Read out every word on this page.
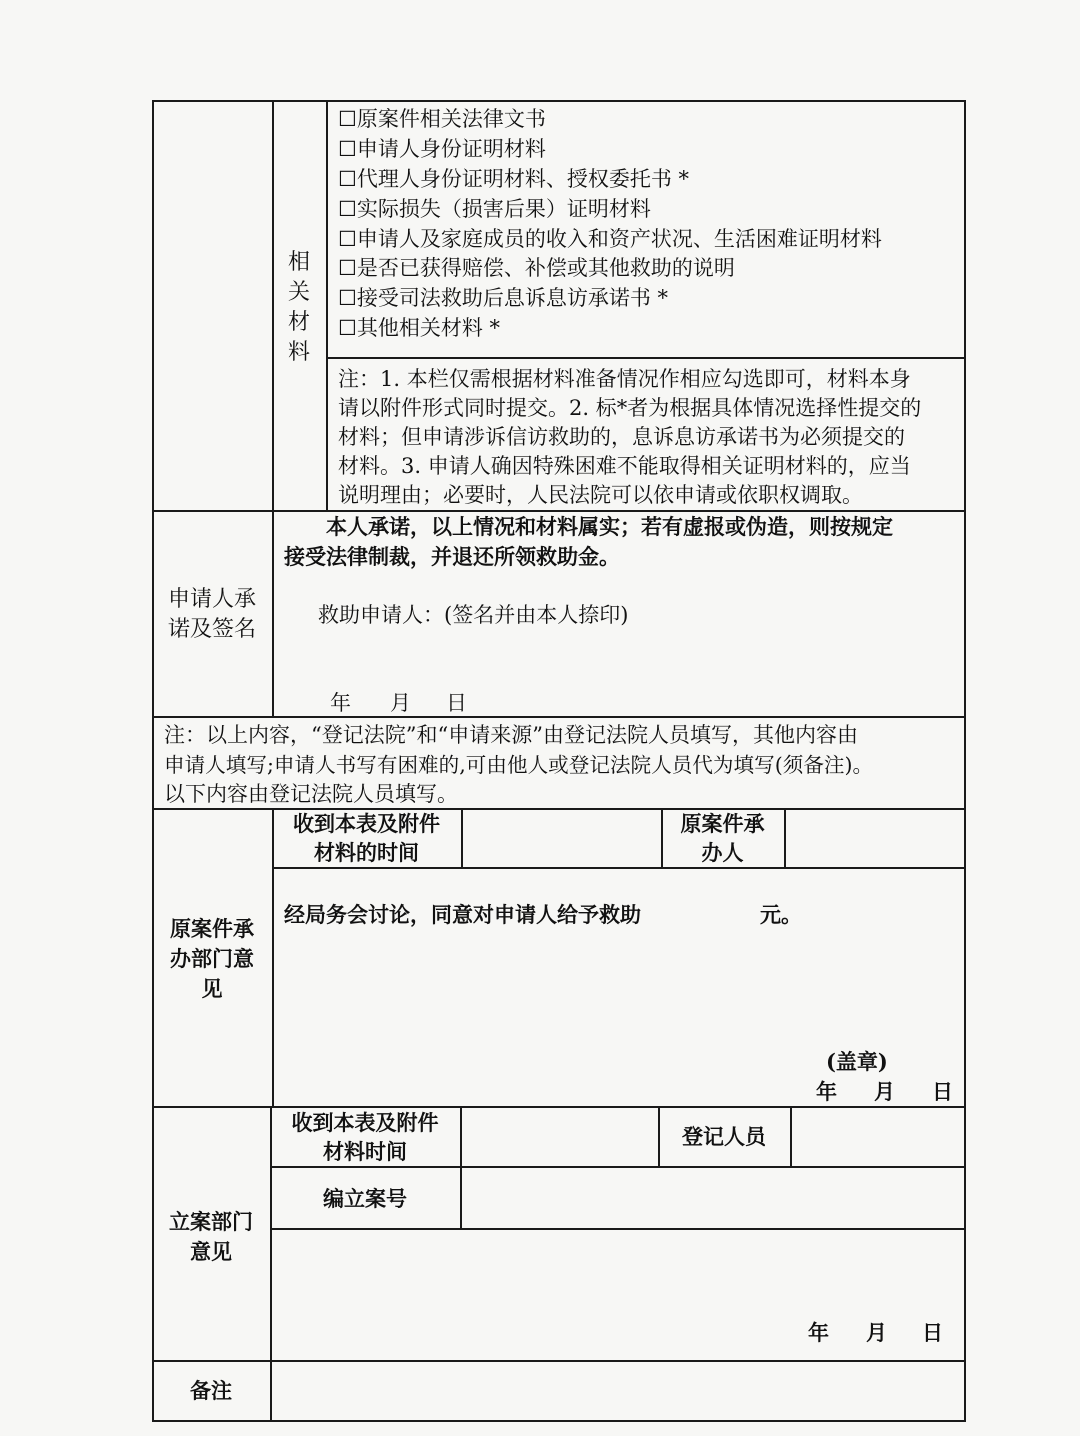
相关材料
☐原案件相关法律文书
☐申请人身份证明材料
☐代理人身份证明材料、授权委托书 *
☐实际损失（损害后果）证明材料
☐申请人及家庭成员的收入和资产状况、生活困难证明材料
☐是否已获得赔偿、补偿或其他救助的说明
☐接受司法救助后息诉息访承诺书 *
☐其他相关材料 *
注：1. 本栏仅需根据材料准备情况作相应勾选即可，材料本身
请以附件形式同时提交。2. 标*者为根据具体情况选择性提交的
材料；但申请涉诉信访救助的，息诉息访承诺书为必须提交的
材料。3. 申请人确因特殊困难不能取得相关证明材料的，应当
说明理由；必要时，人民法院可以依申请或依职权调取。
申请人承
诺及签名
本人承诺，以上情况和材料属实；若有虚报或伪造，则按规定
接受法律制裁，并退还所领救助金。
救助申请人：(签名并由本人捺印)
年 月 日
注：以上内容，“登记法院”和“申请来源”由登记法院人员填写，其他内容由
申请人填写;申请人书写有困难的,可由他人或登记法院人员代为填写(须备注)。
以下内容由登记法院人员填写。
原案件承
办部门意
见
收到本表及附件
材料的时间
原案件承
办人
经局务会讨论，同意对申请人给予救助	元。
(盖章)
年 月 日
立案部门
意见
收到本表及附件
材料时间
登记人员
编立案号
年 月 日
备注
